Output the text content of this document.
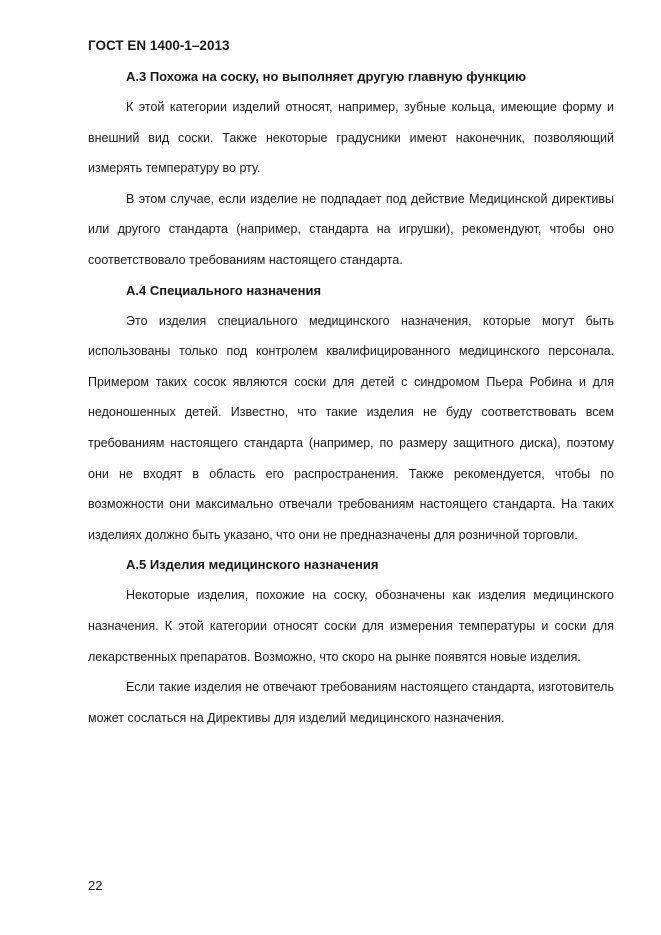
ГОСТ EN 1400-1–2013
А.3 Похожа на соску, но выполняет другую главную функцию

К этой категории изделий относят, например, зубные кольца, имеющие форму и внешний вид соски. Также некоторые градусники имеют наконечник, позволяющий измерять температуру во рту.

В этом случае, если изделие не подпадает под действие Медицинской директивы или другого стандарта (например, стандарта на игрушки), рекомендуют, чтобы оно соответствовало требованиям настоящего стандарта.

А.4 Специального назначения

Это изделия специального медицинского назначения, которые могут быть использованы только под контролем квалифицированного медицинского персонала. Примером таких сосок являются соски для детей с синдромом Пьера Робина и для недоношенных детей. Известно, что такие изделия не буду соответствовать всем требованиям настоящего стандарта (например, по размеру защитного диска), поэтому они не входят в область его распространения. Также рекомендуется, чтобы по возможности они максимально отвечали требованиям настоящего стандарта. На таких изделиях должно быть указано, что они не предназначены для розничной торговли.

А.5 Изделия медицинского назначения

Некоторые изделия, похожие на соску, обозначены как изделия медицинского назначения. К этой категории относят соски для измерения температуры и соски для лекарственных препаратов. Возможно, что скоро на рынке появятся новые изделия.

Если такие изделия не отвечают требованиям настоящего стандарта, изготовитель может сослаться на Директивы для изделий медицинского назначения.

22
